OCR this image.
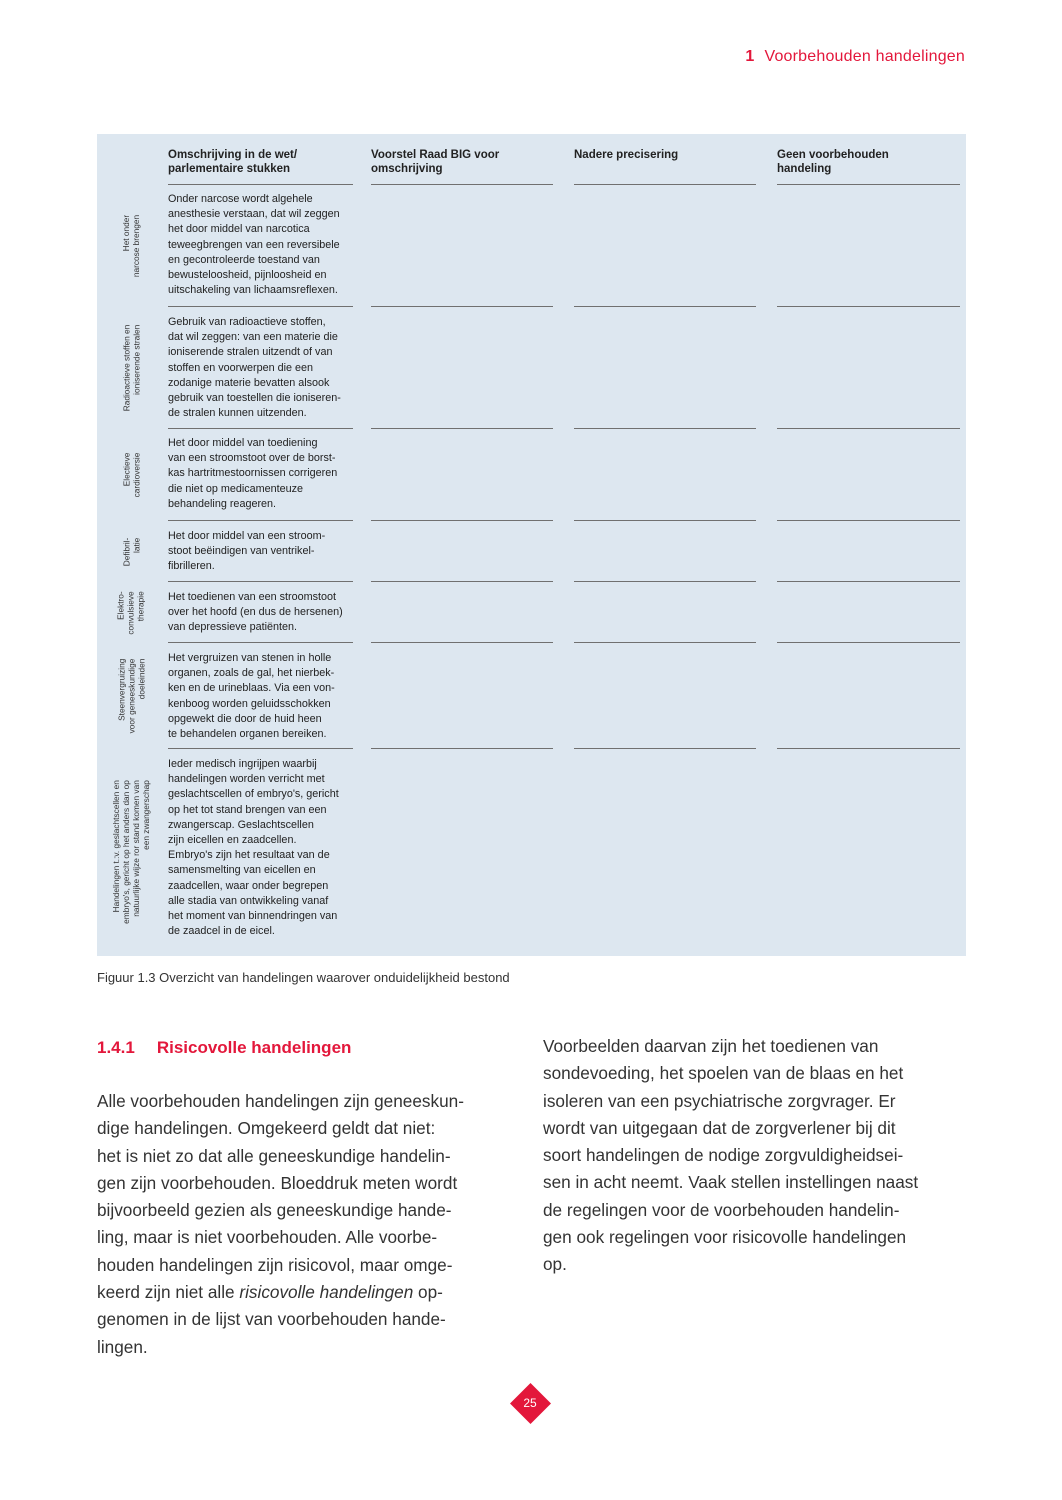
1 Voorbehouden handelingen
Omschrijving in de wet/
parlementaire stukken
Voorstel Raad BIG voor
omschrijving
Nadere precisering	Geen voorbehouden
handeling
Het onder
narcose brengen
Onder narcose wordt algehele
anesthesie verstaan, dat wil zeggen
het door middel van narcotica
teweegbrengen van een reversibele
en gecontroleerde toestand van
bewusteloosheid, pijnloosheid en
uitschakeling van lichaamsreflexen.
Radioactieve stoffen en
ioniserende stralen
Gebruik van radioactieve stoffen,
dat wil zeggen: van een materie die
ioniserende stralen uitzendt of van
stoffen en voorwerpen die een
zodanige materie bevatten alsook
gebruik van toestellen die ioniseren-
de stralen kunnen uitzenden.
Electieve
cardioversie
Het door middel van toediening
van een stroomstoot over de borst-
kas hartritmestoornissen corrigeren
die niet op medicamenteuze
behandeling reageren.
Defibril-
latie
Het door middel van een stroom-
stoot beëindigen van ventrikel-
fibrilleren.
Elektro-
convulsieve
therapie Het toedienen van een stroomstoot
over het hoofd (en dus de hersenen)
van depressieve patiënten.
Steenvergruizing
voor geneeskundige
doeleinden
Het vergruizen van stenen in holle
organen, zoals de gal, het nierbek-
ken en de urineblaas. Via een von-
kenboog worden geluidsschokken
opgewekt die door de huid heen
te behandelen organen bereiken.
Handelingen t.:v. geslachtscellen en
embryo's, gericht op het anders dan op
natuurlijke wijze ror stand komen van
een zwangerschap
Ieder medisch ingrijpen waarbij
handelingen worden verricht met
geslachtscellen of embryo's, gericht
op het tot stand brengen van een
zwangerscap. Geslachtscellen
zijn eicellen en zaadcellen.
Embryo's zijn het resultaat van de
samensmelting van eicellen en
zaadcellen, waar onder begrepen
alle stadia van ontwikkeling vanaf
het moment van binnendringen van
de zaadcel in de eicel.
Figuur 1.3 Overzicht van handelingen waarover onduidelijkheid bestond
1.4.1 Risicovolle handelingen
Alle voorbehouden handelingen zijn geneeskun-
dige handelingen. Omgekeerd geldt dat niet:
het is niet zo dat alle geneeskundige handelin-
gen zijn voorbehouden. Bloeddruk meten wordt
bijvoorbeeld gezien als geneeskundige hande-
ling, maar is niet voorbehouden. Alle voorbe-
houden handelingen zijn risicovol, maar omge-
keerd zijn niet alle risicovolle handelingen op-
genomen in de lijst van voorbehouden hande-
lingen.
Voorbeelden daarvan zijn het toedienen van
sondevoeding, het spoelen van de blaas en het
isoleren van een psychiatrische zorgvrager. Er
wordt van uitgegaan dat de zorgverlener bij dit
soort handelingen de nodige zorgvuldigheidsei-
sen in acht neemt. Vaak stellen instellingen naast
de regelingen voor de voorbehouden handelin-
gen ook regelingen voor risicovolle handelingen
op.
25
